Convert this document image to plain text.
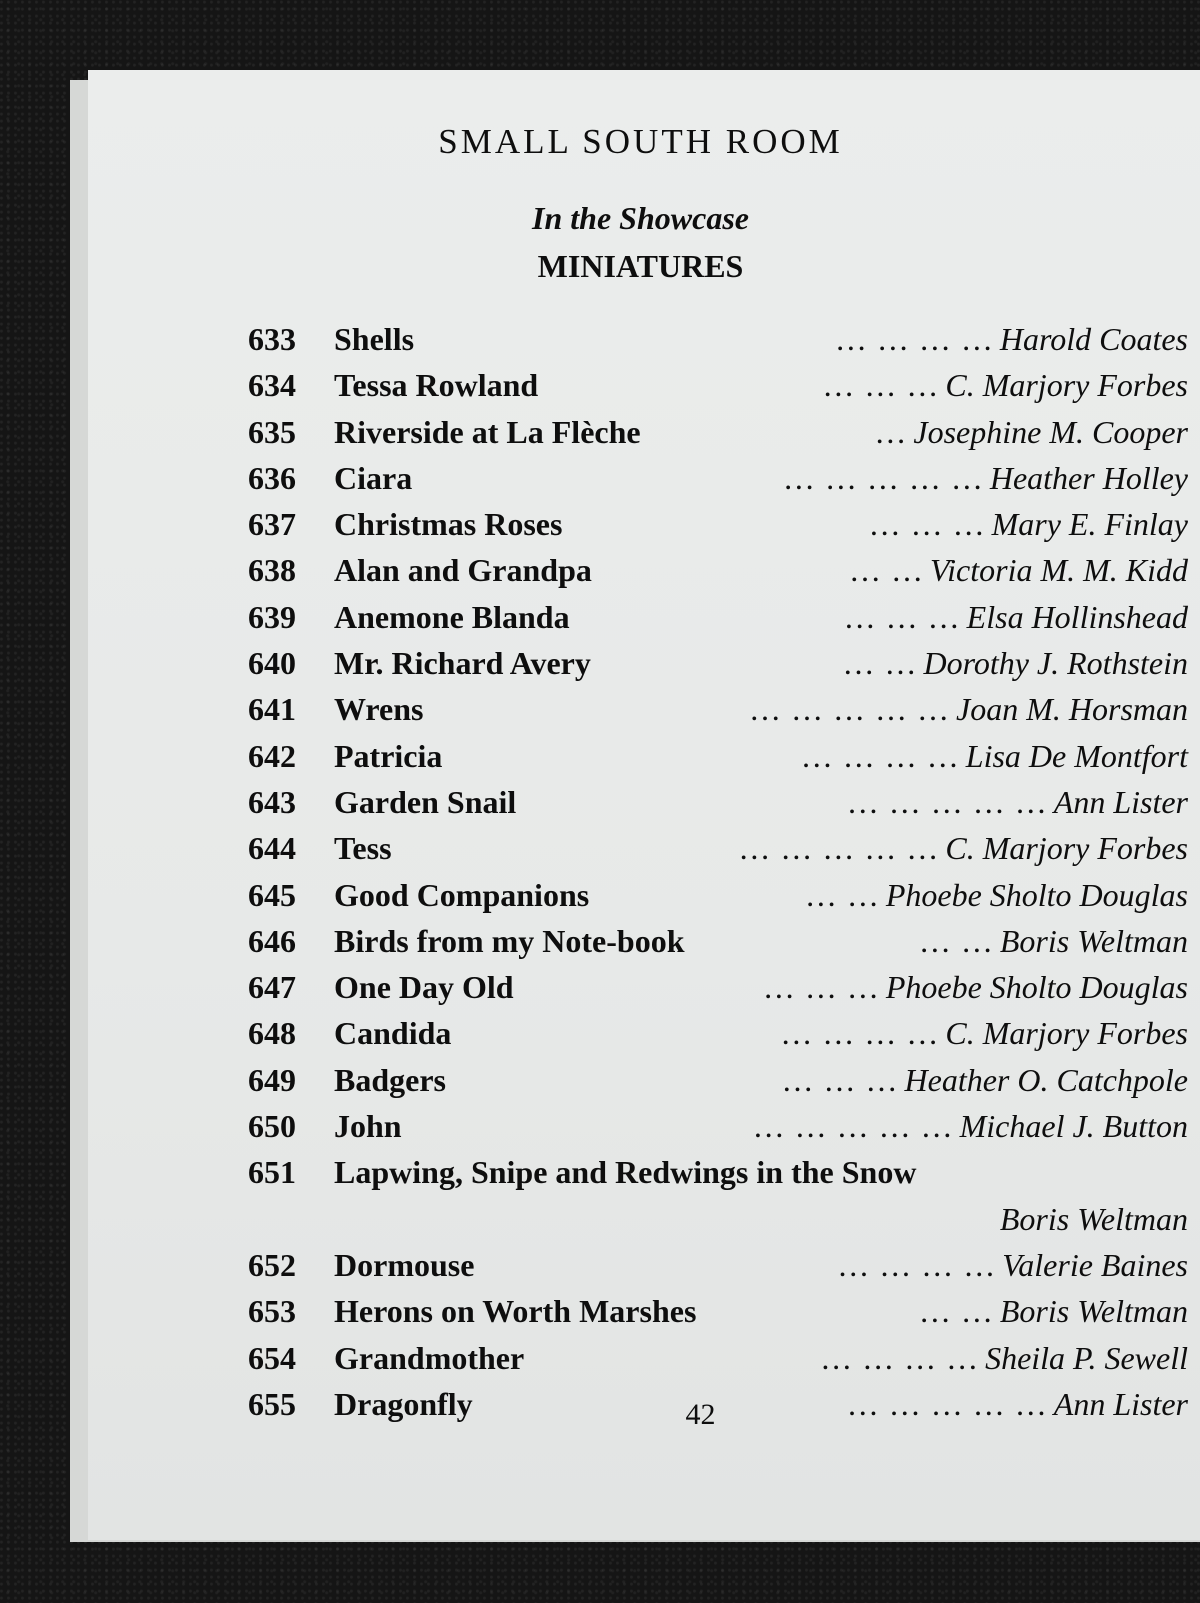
SMALL SOUTH ROOM
In the Showcase
MINIATURES
633 Shells	… … … … Harold Coates
634 Tessa Rowland	… … … C. Marjory Forbes
635 Riverside at La Flèche	… Josephine M. Cooper
636 Ciara	… … … … … Heather Holley
637 Christmas Roses	… … … Mary E. Finlay
638 Alan and Grandpa	… … Victoria M. M. Kidd
639 Anemone Blanda	… … … Elsa Hollinshead
640 Mr. Richard Avery	… … Dorothy J. Rothstein
641 Wrens	… … … … … Joan M. Horsman
642 Patricia	… … … … Lisa De Montfort
643 Garden Snail	… … … … … Ann Lister
644 Tess	… … … … … C. Marjory Forbes
645 Good Companions	… … Phoebe Sholto Douglas
646 Birds from my Note-book	… … Boris Weltman
647 One Day Old	… … … Phoebe Sholto Douglas
648 Candida	… … … … C. Marjory Forbes
649 Badgers	… … … Heather O. Catchpole
650 John	… … … … … Michael J. Button
651 Lapwing, Snipe and Redwings in the Snow
Boris Weltman
652 Dormouse	… … … … Valerie Baines
653 Herons on Worth Marshes	… … Boris Weltman
654 Grandmother	… … … … Sheila P. Sewell
655 Dragonfly	… … … … … Ann Lister
42
